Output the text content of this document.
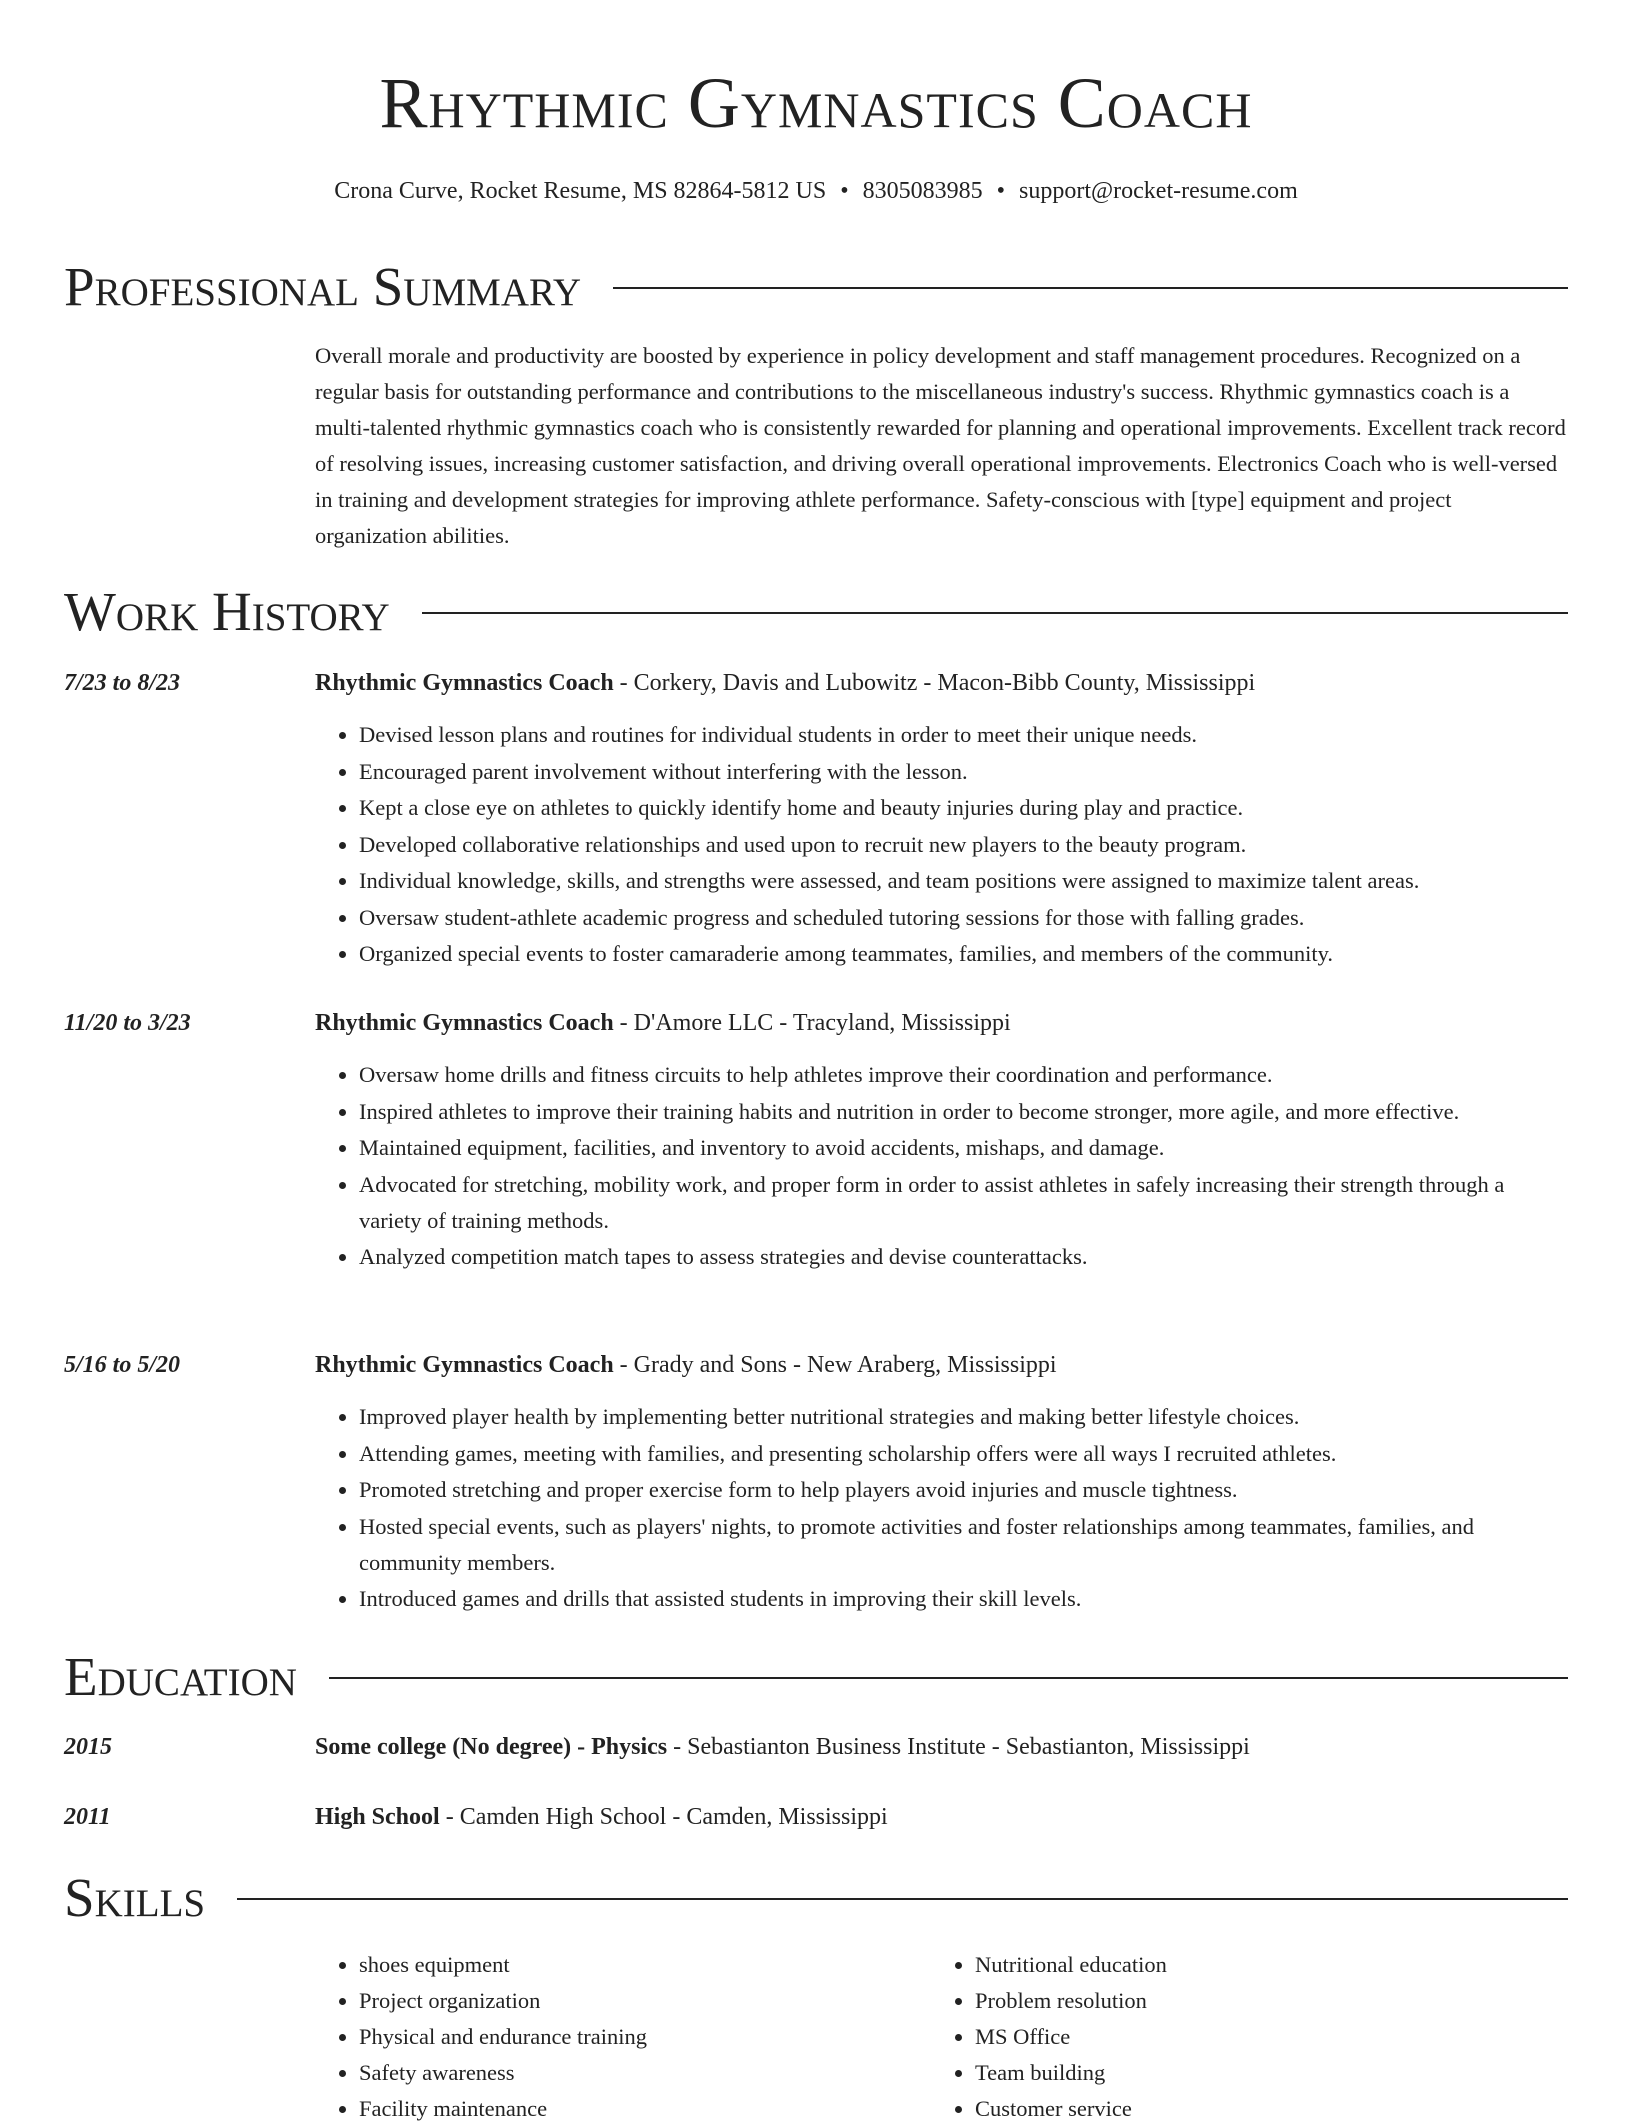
Rhythmic Gymnastics Coach
Crona Curve, Rocket Resume, MS 82864-5812 US • 8305083985 • support@rocket-resume.com
Professional Summary
Overall morale and productivity are boosted by experience in policy development and staff management procedures. Recognized on a regular basis for outstanding performance and contributions to the miscellaneous industry's success. Rhythmic gymnastics coach is a multi-talented rhythmic gymnastics coach who is consistently rewarded for planning and operational improvements. Excellent track record of resolving issues, increasing customer satisfaction, and driving overall operational improvements. Electronics Coach who is well-versed in training and development strategies for improving athlete performance. Safety-conscious with [type] equipment and project organization abilities.
Work History
7/23 to 8/23	Rhythmic Gymnastics Coach - Corkery, Davis and Lubowitz - Macon-Bibb County, Mississippi
• Devised lesson plans and routines for individual students in order to meet their unique needs.
• Encouraged parent involvement without interfering with the lesson.
• Kept a close eye on athletes to quickly identify home and beauty injuries during play and practice.
• Developed collaborative relationships and used upon to recruit new players to the beauty program.
• Individual knowledge, skills, and strengths were assessed, and team positions were assigned to maximize talent areas.
• Oversaw student-athlete academic progress and scheduled tutoring sessions for those with falling grades.
• Organized special events to foster camaraderie among teammates, families, and members of the community.
11/20 to 3/23	Rhythmic Gymnastics Coach - D'Amore LLC - Tracyland, Mississippi
• Oversaw home drills and fitness circuits to help athletes improve their coordination and performance.
• Inspired athletes to improve their training habits and nutrition in order to become stronger, more agile, and more effective.
• Maintained equipment, facilities, and inventory to avoid accidents, mishaps, and damage.
• Advocated for stretching, mobility work, and proper form in order to assist athletes in safely increasing their strength through a variety of training methods.
• Analyzed competition match tapes to assess strategies and devise counterattacks.
5/16 to 5/20	Rhythmic Gymnastics Coach - Grady and Sons - New Araberg, Mississippi
• Improved player health by implementing better nutritional strategies and making better lifestyle choices.
• Attending games, meeting with families, and presenting scholarship offers were all ways I recruited athletes.
• Promoted stretching and proper exercise form to help players avoid injuries and muscle tightness.
• Hosted special events, such as players' nights, to promote activities and foster relationships among teammates, families, and community members.
• Introduced games and drills that assisted students in improving their skill levels.
Education
2015	Some college (No degree) - Physics - Sebastianton Business Institute - Sebastianton, Mississippi
2011	High School - Camden High School - Camden, Mississippi
Skills
• shoes equipment
• Project organization
• Physical and endurance training
• Safety awareness
• Facility maintenance
• Nutritional education
• Problem resolution
• MS Office
• Team building
• Customer service
